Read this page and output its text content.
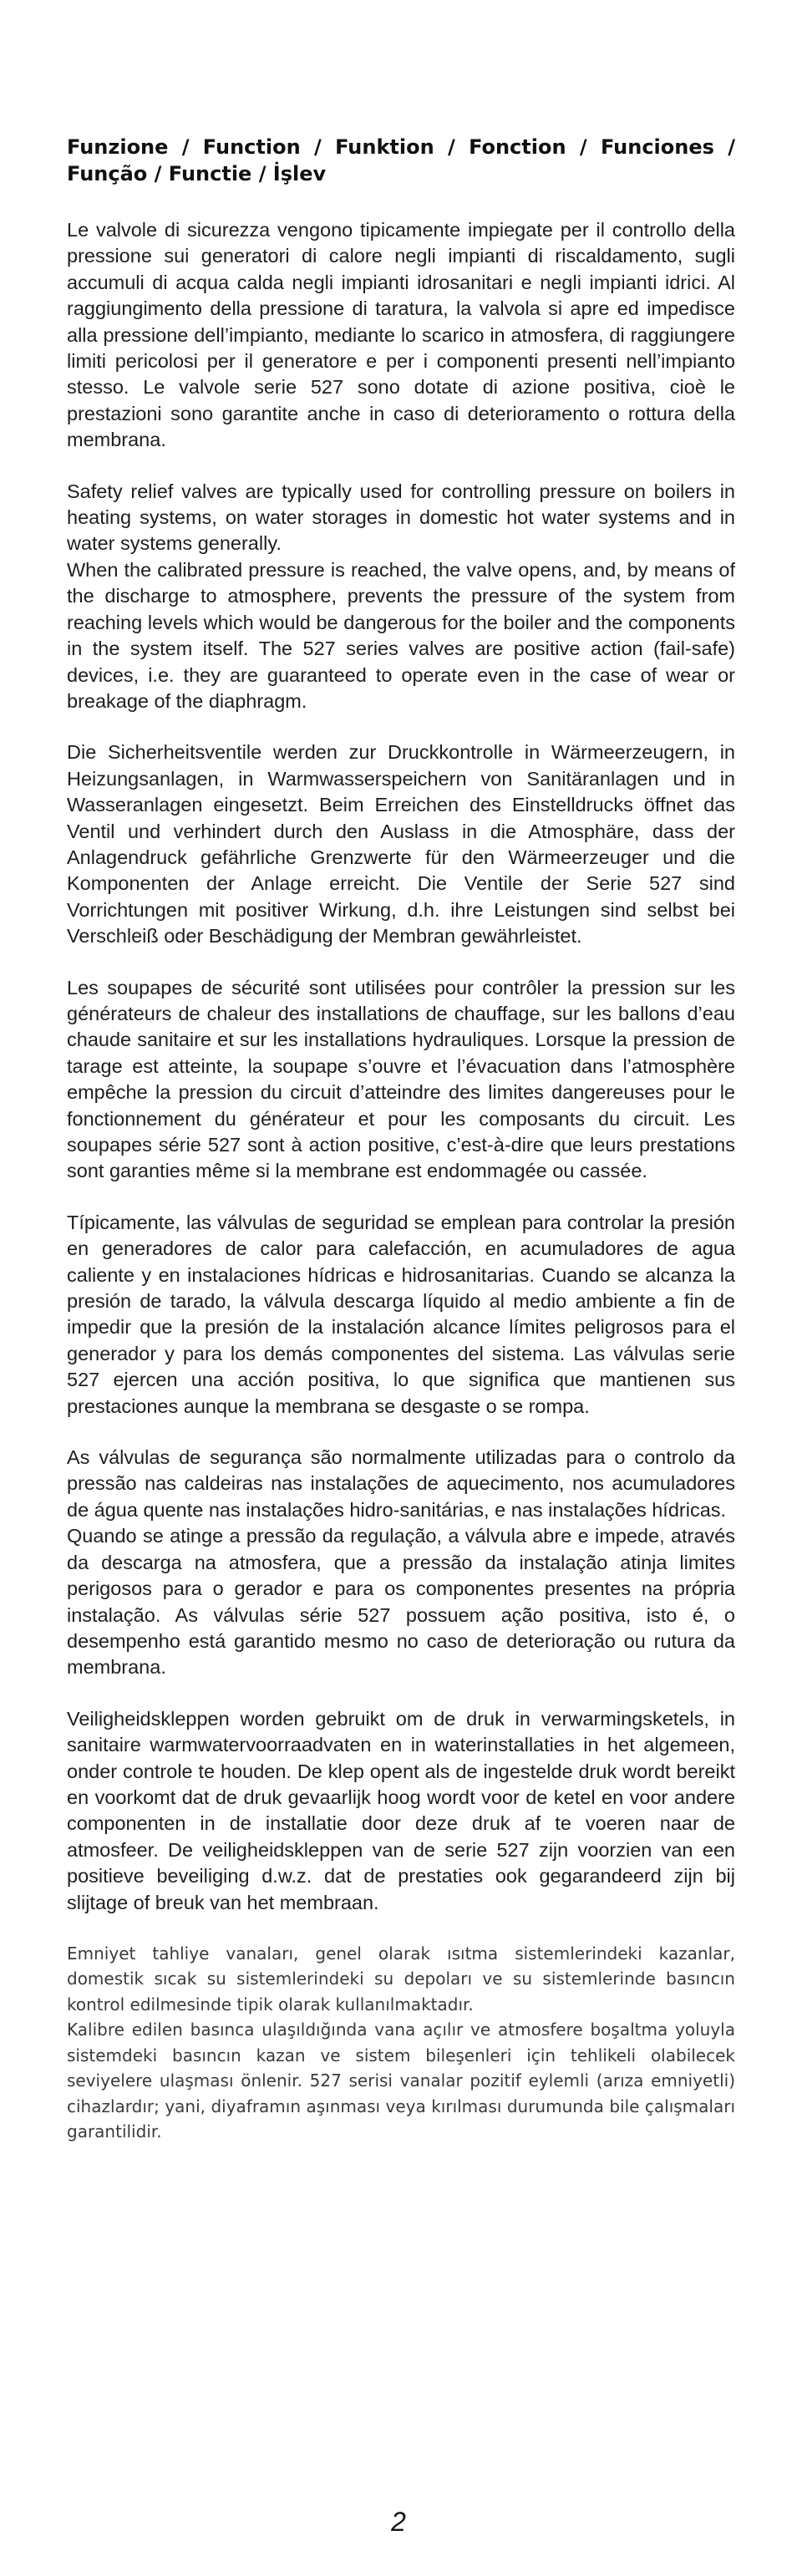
Funzione / Function / Funktion / Fonction / Funciones / Função / Functie / İşlev

Le valvole di sicurezza vengono tipicamente impiegate per il controllo della pressione sui generatori di calore negli impianti di riscaldamento, sugli accumuli di acqua calda negli impianti idrosanitari e negli impianti idrici. Al raggiungimento della pressione di taratura, la valvola si apre ed impedisce alla pressione dell’impianto, mediante lo scarico in atmosfera, di raggiungere limiti pericolosi per il generatore e per i componenti presenti nell’impianto stesso. Le valvole serie 527 sono dotate di azione positiva, cioè le prestazioni sono garantite anche in caso di deterioramento o rottura della membrana.

Safety relief valves are typically used for controlling pressure on boilers in heating systems, on water storages in domestic hot water systems and in water systems generally.
When the calibrated pressure is reached, the valve opens, and, by means of the discharge to atmosphere, prevents the pressure of the system from reaching levels which would be dangerous for the boiler and the components in the system itself. The 527 series valves are positive action (fail-safe) devices, i.e. they are guaranteed to operate even in the case of wear or breakage of the diaphragm.

Die Sicherheitsventile werden zur Druckkontrolle in Wärmeerzeugern, in Heizungsanlagen, in Warmwasserspeichern von Sanitäranlagen und in Wasseranlagen eingesetzt. Beim Erreichen des Einstelldrucks öffnet das Ventil und verhindert durch den Auslass in die Atmosphäre, dass der Anlagendruck gefährliche Grenzwerte für den Wärmeerzeuger und die Komponenten der Anlage erreicht. Die Ventile der Serie 527 sind Vorrichtungen mit positiver Wirkung, d.h. ihre Leistungen sind selbst bei Verschleiß oder Beschädigung der Membran gewährleistet.

Les soupapes de sécurité sont utilisées pour contrôler la pression sur les générateurs de chaleur des installations de chauffage, sur les ballons d’eau chaude sanitaire et sur les installations hydrauliques. Lorsque la pression de tarage est atteinte, la soupape s’ouvre et l’évacuation dans l’atmosphère empêche la pression du circuit d’atteindre des limites dangereuses pour le fonctionnement du générateur et pour les composants du circuit. Les soupapes série 527 sont à action positive, c’est-à-dire que leurs prestations sont garanties même si la membrane est endommagée ou cassée.

Típicamente, las válvulas de seguridad se emplean para controlar la presión en generadores de calor para calefacción, en acumuladores de agua caliente y en instalaciones hídricas e hidrosanitarias. Cuando se alcanza la presión de tarado, la válvula descarga líquido al medio ambiente a fin de impedir que la presión de la instalación alcance límites peligrosos para el generador y para los demás componentes del sistema. Las válvulas serie 527 ejercen una acción positiva, lo que significa que mantienen sus prestaciones aunque la membrana se desgaste o se rompa.

As válvulas de segurança são normalmente utilizadas para o controlo da pressão nas caldeiras nas instalações de aquecimento, nos acumuladores de água quente nas instalações hidro-sanitárias, e nas instalações hídricas.
Quando se atinge a pressão da regulação, a válvula abre e impede, através da descarga na atmosfera, que a pressão da instalação atinja limites perigosos para o gerador e para os componentes presentes na própria instalação. As válvulas série 527 possuem ação positiva, isto é, o desempenho está garantido mesmo no caso de deterioração ou rutura da membrana.

Veiligheidskleppen worden gebruikt om de druk in verwarmingsketels, in sanitaire warmwatervoorraadvaten en in waterinstallaties in het algemeen, onder controle te houden. De klep opent als de ingestelde druk wordt bereikt en voorkomt dat de druk gevaarlijk hoog wordt voor de ketel en voor andere componenten in de installatie door deze druk af te voeren naar de atmosfeer. De veiligheidskleppen van de serie 527 zijn voorzien van een positieve beveiliging d.w.z. dat de prestaties ook gegarandeerd zijn bij slijtage of breuk van het membraan.

Emniyet tahliye vanaları, genel olarak ısıtma sistemlerindeki kazanlar, domestik sıcak su sistemlerindeki su depoları ve su sistemlerinde basıncın kontrol edilmesinde tipik olarak kullanılmaktadır.
Kalibre edilen basınca ulaşıldığında vana açılır ve atmosfere boşaltma yoluyla sistemdeki basıncın kazan ve sistem bileşenleri için tehlikeli olabilecek seviyelere ulaşması önlenir. 527 serisi vanalar pozitif eylemli (arıza emniyetli) cihazlardır; yani, diyaframın aşınması veya kırılması durumunda bile çalışmaları garantilidir.

2
